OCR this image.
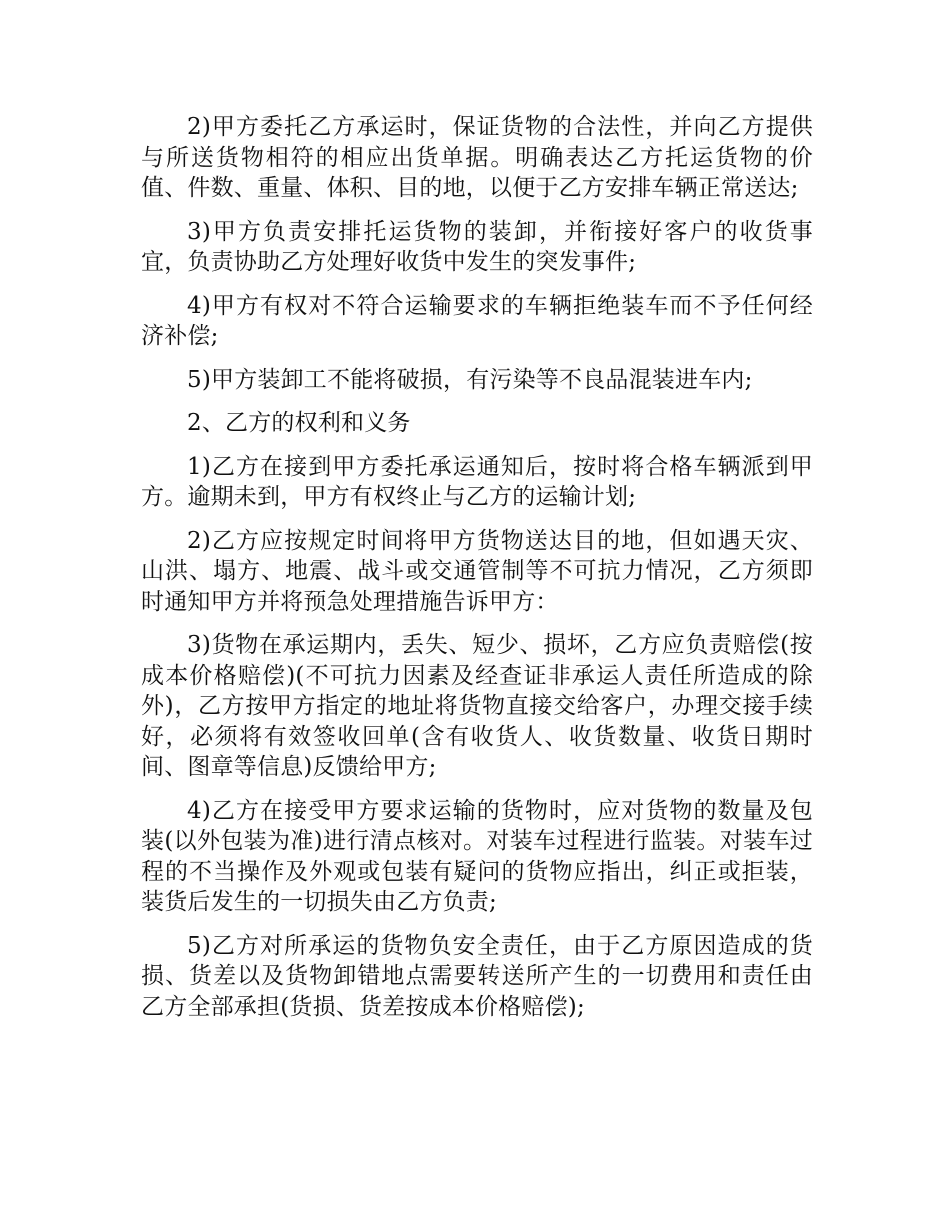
2)甲方委托乙方承运时，保证货物的合法性，并向乙方提供与所送货物相符的相应出货单据。明确表达乙方托运货物的价值、件数、重量、体积、目的地，以便于乙方安排车辆正常送达;

3)甲方负责安排托运货物的装卸，并衔接好客户的收货事宜，负责协助乙方处理好收货中发生的突发事件;

4)甲方有权对不符合运输要求的车辆拒绝装车而不予任何经济补偿;

5)甲方装卸工不能将破损，有污染等不良品混装进车内;

2、乙方的权利和义务

1)乙方在接到甲方委托承运通知后，按时将合格车辆派到甲方。逾期未到，甲方有权终止与乙方的运输计划;

2)乙方应按规定时间将甲方货物送达目的地，但如遇天灾、山洪、塌方、地震、战斗或交通管制等不可抗力情况，乙方须即时通知甲方并将预急处理措施告诉甲方：

3)货物在承运期内，丢失、短少、损坏，乙方应负责赔偿(按成本价格赔偿)(不可抗力因素及经查证非承运人责任所造成的除外)，乙方按甲方指定的地址将货物直接交给客户，办理交接手续好，必须将有效签收回单(含有收货人、收货数量、收货日期时间、图章等信息)反馈给甲方;

4)乙方在接受甲方要求运输的货物时，应对货物的数量及包装(以外包装为准)进行清点核对。对装车过程进行监装。对装车过程的不当操作及外观或包装有疑问的货物应指出，纠正或拒装，装货后发生的一切损失由乙方负责;

5)乙方对所承运的货物负安全责任，由于乙方原因造成的货损、货差以及货物卸错地点需要转送所产生的一切费用和责任由乙方全部承担(货损、货差按成本价格赔偿);
